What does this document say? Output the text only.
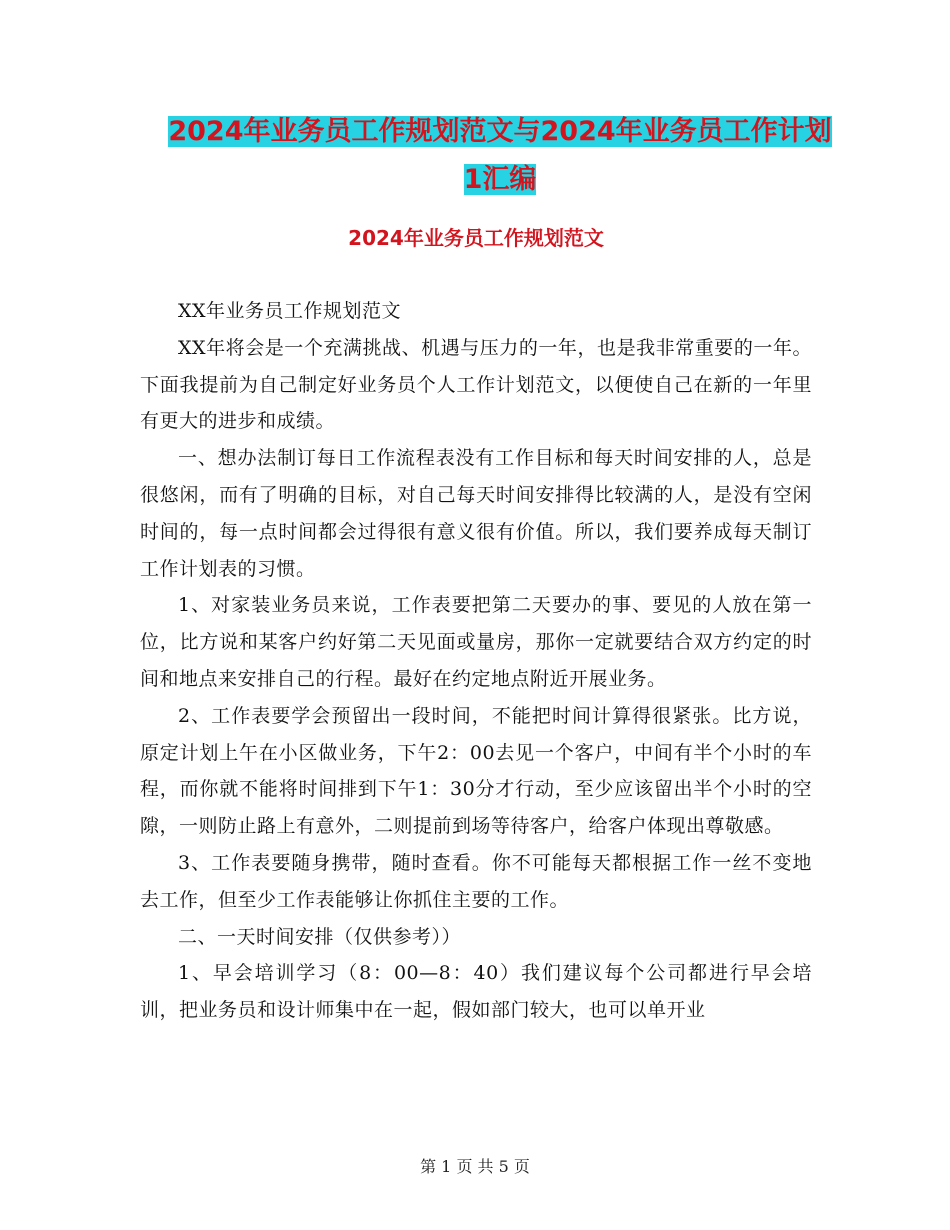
2024年业务员工作规划范文与2024年业务员工作计划
1汇编
2024年业务员工作规划范文

XX年业务员工作规划范文

XX年将会是一个充满挑战、机遇与压力的一年，也是我非常重要的一年。下面我提前为自己制定好业务员个人工作计划范文，以便使自己在新的一年里有更大的进步和成绩。

一、想办法制订每日工作流程表没有工作目标和每天时间安排的人，总是很悠闲，而有了明确的目标，对自己每天时间安排得比较满的人，是没有空闲时间的，每一点时间都会过得很有意义很有价值。所以，我们要养成每天制订工作计划表的习惯。

1、对家装业务员来说，工作表要把第二天要办的事、要见的人放在第一位，比方说和某客户约好第二天见面或量房，那你一定就要结合双方约定的时间和地点来安排自己的行程。最好在约定地点附近开展业务。

2、工作表要学会预留出一段时间，不能把时间计算得很紧张。比方说，原定计划上午在小区做业务，下午2：00去见一个客户，中间有半个小时的车程，而你就不能将时间排到下午1：30分才行动，至少应该留出半个小时的空隙，一则防止路上有意外，二则提前到场等待客户，给客户体现出尊敬感。

3、工作表要随身携带，随时查看。你不可能每天都根据工作一丝不变地去工作，但至少工作表能够让你抓住主要的工作。

二、一天时间安排（仅供参考））

1、早会培训学习（8：00—8：40）我们建议每个公司都进行早会培训，把业务员和设计师集中在一起，假如部门较大，也可以单开业

第 1 页 共 5 页
